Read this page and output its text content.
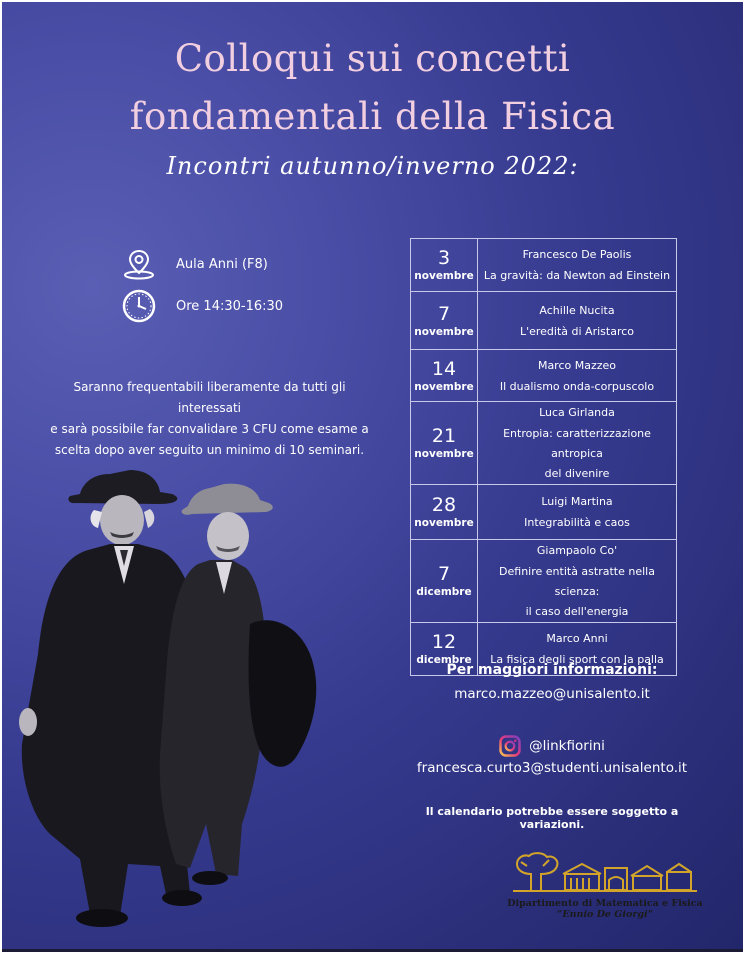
Colloqui sui concetti
fondamentali della Fisica
Incontri autunno/inverno 2022:
Aula Anni (F8)
Ore 14:30-16:30
Saranno frequentabili liberamente da tutti gli interessati
e sarà possibile far convalidare 3 CFU come esame a
scelta dopo aver seguito un minimo di 10 seminari.
3
novembre	Francesco De Paolis
La gravità: da Newton ad Einstein

7
novembre	Achille Nucita
L'eredità di Aristarco

14
novembre	Marco Mazzeo
Il dualismo onda-corpuscolo

21
novembre	Luca Girlanda
Entropia: caratterizzazione antropica
del divenire

28
novembre	Luigi Martina
Integrabilità e caos

7
dicembre	Giampaolo Co'
Definire entità astratte nella scienza:
il caso dell'energia

12
dicembre	Marco Anni
La fisica degli sport con la palla
Per maggiori informazioni:
marco.mazzeo@unisalento.it
@linkfiorini
francesca.curto3@studenti.unisalento.it
Il calendario potrebbe essere soggetto a variazioni.
Dipartimento di Matematica e Fisica
“Ennio De Giorgi”
